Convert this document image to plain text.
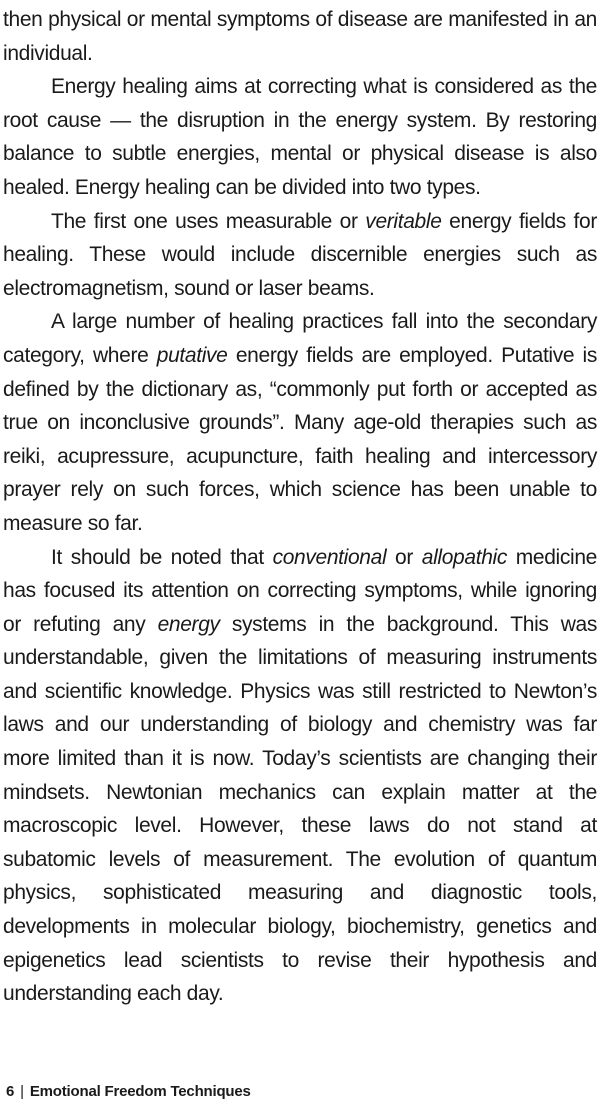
then physical or mental symptoms of disease are manifested in an individual.

Energy healing aims at correcting what is considered as the root cause — the disruption in the energy system. By restoring balance to subtle energies, mental or physical disease is also healed. Energy healing can be divided into two types.

The first one uses measurable or veritable energy fields for healing. These would include discernible energies such as electromagnetism, sound or laser beams.

A large number of healing practices fall into the secondary category, where putative energy fields are employed. Putative is defined by the dictionary as, “commonly put forth or accepted as true on inconclusive grounds”. Many age-old therapies such as reiki, acupressure, acupuncture, faith healing and intercessory prayer rely on such forces, which science has been unable to measure so far.

It should be noted that conventional or allopathic medicine has focused its attention on correcting symptoms, while ignoring or refuting any energy systems in the background. This was understandable, given the limitations of measuring instruments and scientific knowledge. Physics was still restricted to Newton’s laws and our understanding of biology and chemistry was far more limited than it is now. Today’s scientists are changing their mindsets. Newtonian mechanics can explain matter at the macroscopic level. However, these laws do not stand at subatomic levels of measurement. The evolution of quantum physics, sophisticated measuring and diagnostic tools, developments in molecular biology, biochemistry, genetics and epigenetics lead scientists to revise their hypothesis and understanding each day.

6 | Emotional Freedom Techniques
